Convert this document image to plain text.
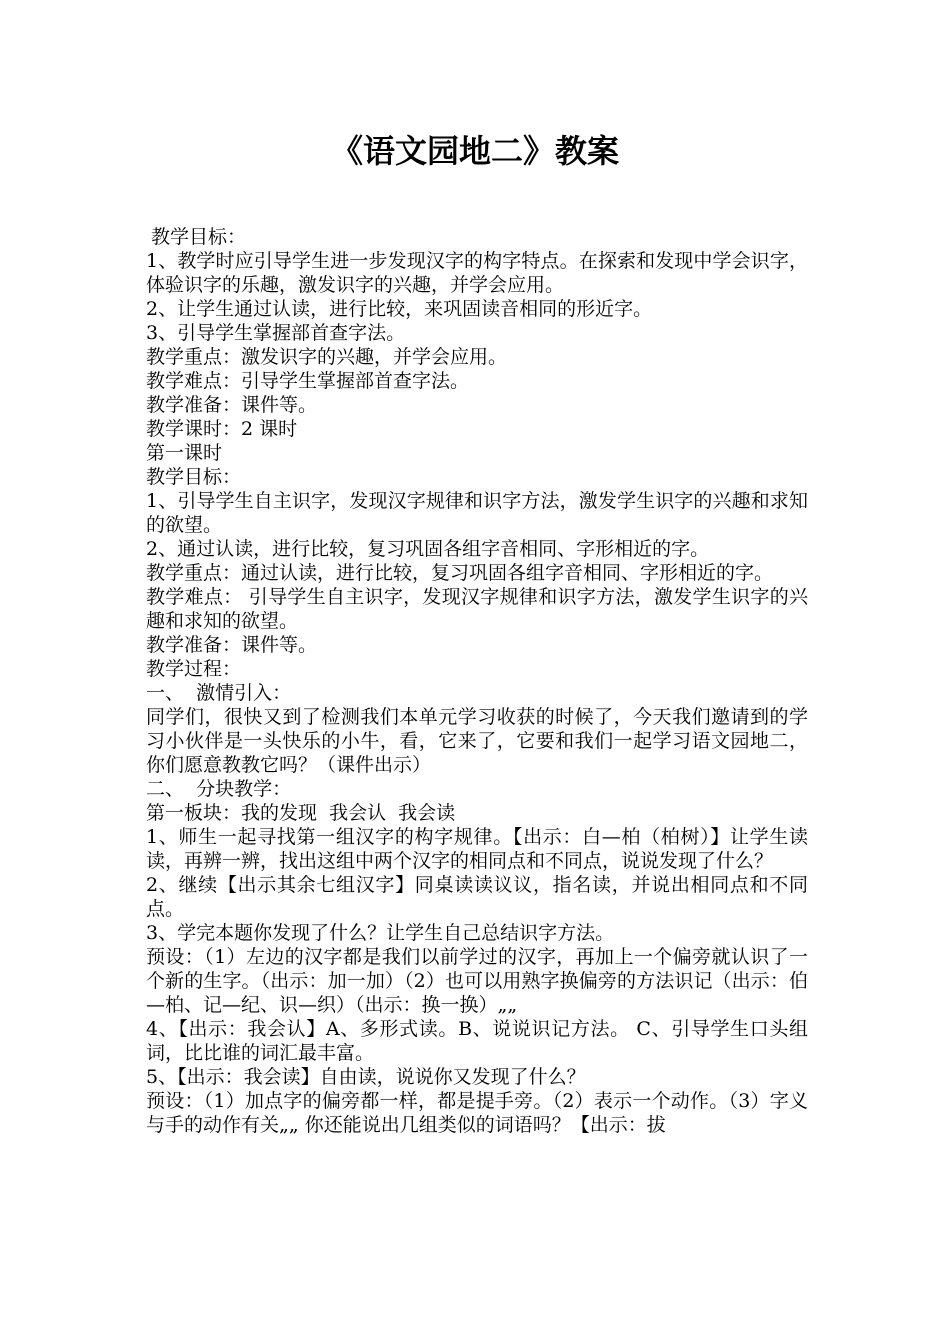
《语文园地二》教案

教学目标：

1、教学时应引导学生进一步发现汉字的构字特点。在探索和发现中学会识字，体验识字的乐趣，激发识字的兴趣，并学会应用。

2、让学生通过认读，进行比较，来巩固读音相同的形近字。

3、引导学生掌握部首查字法。

教学重点：激发识字的兴趣，并学会应用。

教学难点：引导学生掌握部首查字法。

教学准备：课件等。

教学课时：2 课时

第一课时

教学目标：

1、引导学生自主识字，发现汉字规律和识字方法，激发学生识字的兴趣和求知的欲望。

2、通过认读，进行比较，复习巩固各组字音相同、字形相近的字。

教学重点：通过认读，进行比较，复习巩固各组字音相同、字形相近的字。

教学难点： 引导学生自主识字，发现汉字规律和识字方法，激发学生识字的兴趣和求知的欲望。

教学准备：课件等。

教学过程：

一、  激情引入：

同学们，很快又到了检测我们本单元学习收获的时候了，今天我们邀请到的学习小伙伴是一头快乐的小牛，看，它来了，它要和我们一起学习语文园地二，你们愿意教教它吗？（课件出示）

二、  分块教学：

第一板块：我的发现  我会认  我会读

1、师生一起寻找第一组汉字的构字规律。【出示：白—柏（柏树）】让学生读读，再辨一辨，找出这组中两个汉字的相同点和不同点，说说发现了什么？

2、继续【出示其余七组汉字】同桌读读议议，指名读，并说出相同点和不同点。

3、学完本题你发现了什么？让学生自己总结识字方法。

预设：（1）左边的汉字都是我们以前学过的汉字，再加上一个偏旁就认识了一个新的生字。（出示：加一加）（2）也可以用熟字换偏旁的方法识记（出示：伯—柏、记—纪、识—织）（出示：换一换）„„

4、【出示：我会认】A、多形式读。B、说说识记方法。 C、引导学生口头组词，比比谁的词汇最丰富。

5、【出示：我会读】自由读，说说你又发现了什么？

预设：（1）加点字的偏旁都一样，都是提手旁。（2）表示一个动作。（3）字义与手的动作有关„„ 你还能说出几组类似的词语吗？【出示：拔
